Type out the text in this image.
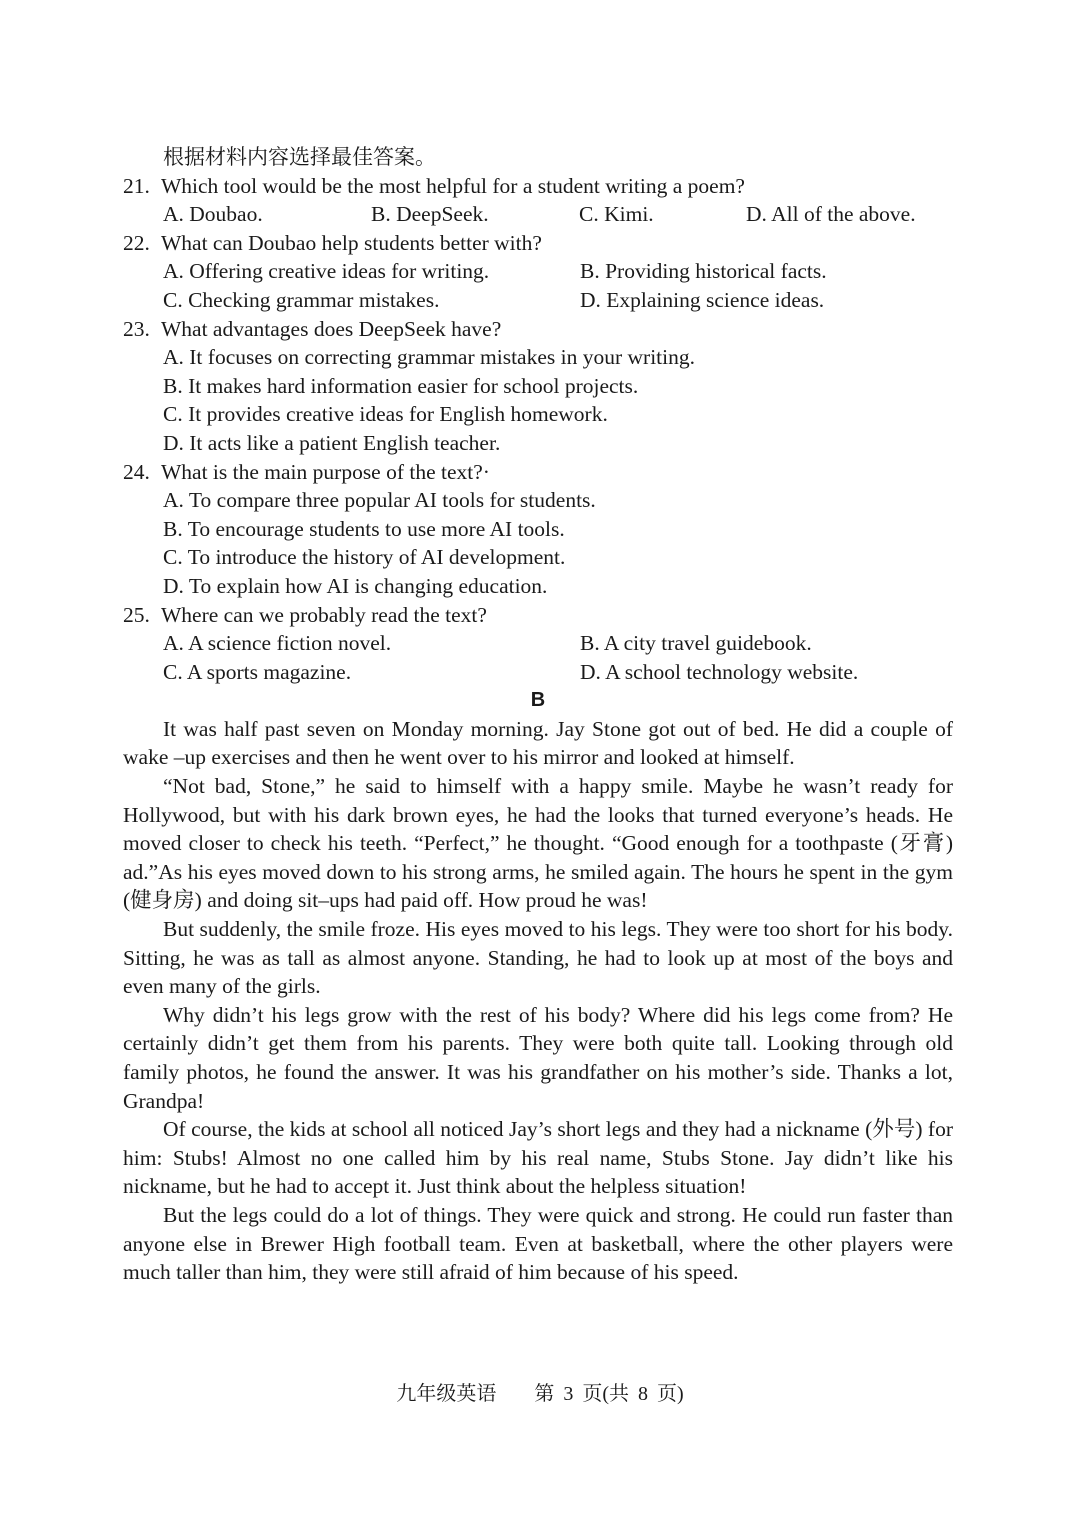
根据材料内容选择最佳答案。
21. Which tool would be the most helpful for a student writing a poem?
A. Doubao.	B. DeepSeek.	C. Kimi.	D. All of the above.
22. What can Doubao help students better with?
A. Offering creative ideas for writing.	B. Providing historical facts.
C. Checking grammar mistakes.	D. Explaining science ideas.
23. What advantages does DeepSeek have?
A. It focuses on correcting grammar mistakes in your writing.
B. It makes hard information easier for school projects.
C. It provides creative ideas for English homework.
D. It acts like a patient English teacher.
24. What is the main purpose of the text?·
A. To compare three popular AI tools for students.
B. To encourage students to use more AI tools.
C. To introduce the history of AI development.
D. To explain how AI is changing education.
25. Where can we probably read the text?
A. A science fiction novel.	B. A city travel guidebook.
C. A sports magazine.	D. A school technology website.
B

It was half past seven on Monday morning. Jay Stone got out of bed. He did a couple of wake –up exercises and then he went over to his mirror and looked at himself.

“Not bad, Stone,” he said to himself with a happy smile. Maybe he wasn’t ready for Hollywood, but with his dark brown eyes, he had the looks that turned everyone’s heads. He moved closer to check his teeth. “Perfect,” he thought. “Good enough for a toothpaste (牙膏) ad.”As his eyes moved down to his strong arms, he smiled again. The hours he spent in the gym (健身房) and doing sit–ups had paid off. How proud he was!

But suddenly, the smile froze. His eyes moved to his legs. They were too short for his body. Sitting, he was as tall as almost anyone. Standing, he had to look up at most of the boys and even many of the girls.

Why didn’t his legs grow with the rest of his body? Where did his legs come from? He certainly didn’t get them from his parents. They were both quite tall. Looking through old family photos, he found the answer. It was his grandfather on his mother’s side. Thanks a lot, Grandpa!

Of course, the kids at school all noticed Jay’s short legs and they had a nickname (外号) for him: Stubs! Almost no one called him by his real name, Stubs Stone. Jay didn’t like his nickname, but he had to accept it. Just think about the helpless situation!

But the legs could do a lot of things. They were quick and strong. He could run faster than anyone else in Brewer High football team. Even at basketball, where the other players were much taller than him, they were still afraid of him because of his speed.

九年级英语 第 3 页(共 8 页)
